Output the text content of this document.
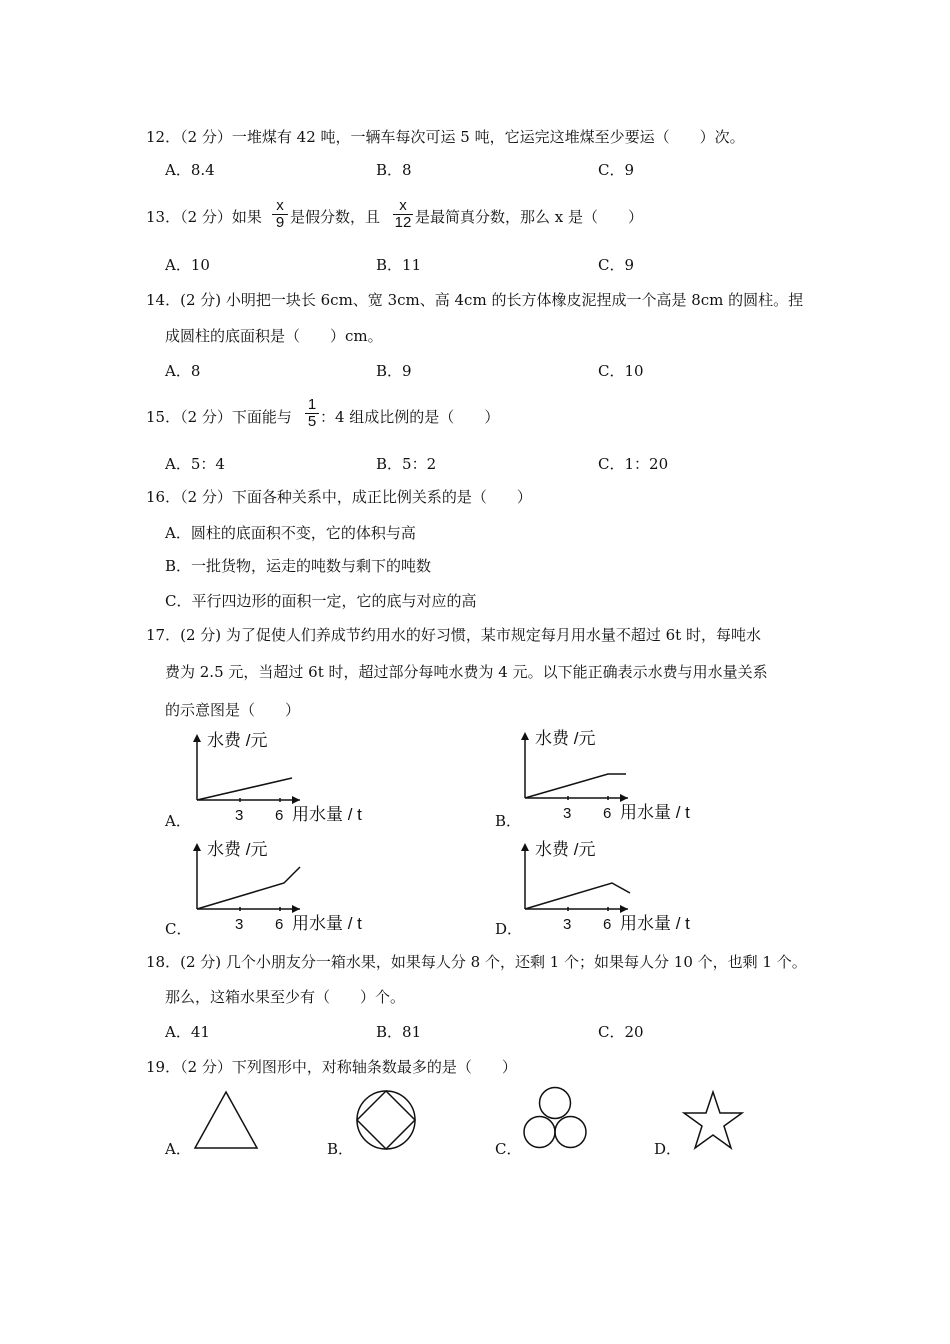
12．（2 分）一堆煤有 42 吨，一辆车每次可运 5 吨，它运完这堆煤至少要运（　　）次。
A．8.4	B．8	C．9
13．（2 分）如果
x
9 是假分数，且
x
12 是最简真分数，那么 x 是（　　）
A．10	B．11	C．9
14．(2 分) 小明把一块长 6cm、宽 3cm、高 4cm 的长方体橡皮泥捏成一个高是 8cm 的圆柱。捏
成圆柱的底面积是（　　）cm。
A．8	B．9	C．10
15．（2 分）下面能与
1
5 ：4 组成比例的是（　　）
A．5：4	B．5：2	C．1：20
16．（2 分）下面各种关系中，成正比例关系的是（　　）
A．圆柱的底面积不变，它的体积与高
B．一批货物，运走的吨数与剩下的吨数
C．平行四边形的面积一定，它的底与对应的高
17．(2 分) 为了促使人们养成节约用水的好习惯，某市规定每月用水量不超过 6t 时，每吨水
费为 2.5 元，当超过 6t 时，超过部分每吨水费为 4 元。以下能正确表示水费与用水量关系
的示意图是（　　）
A．
水费 /元
3 6 用水量 / t	B．
水费 /元
3 6 用水量 / t
C．
水费 /元
3 6 用水量 / t	D．
水费 /元
3 6 用水量 / t
18．(2 分) 几个小朋友分一箱水果，如果每人分 8 个，还剩 1 个；如果每人分 10 个，也剩 1 个。
那么，这箱水果至少有（　　）个。
A．41	B．81	C．20
19．（2 分）下列图形中，对称轴条数最多的是（　　）
A．	B．	C．	D．
